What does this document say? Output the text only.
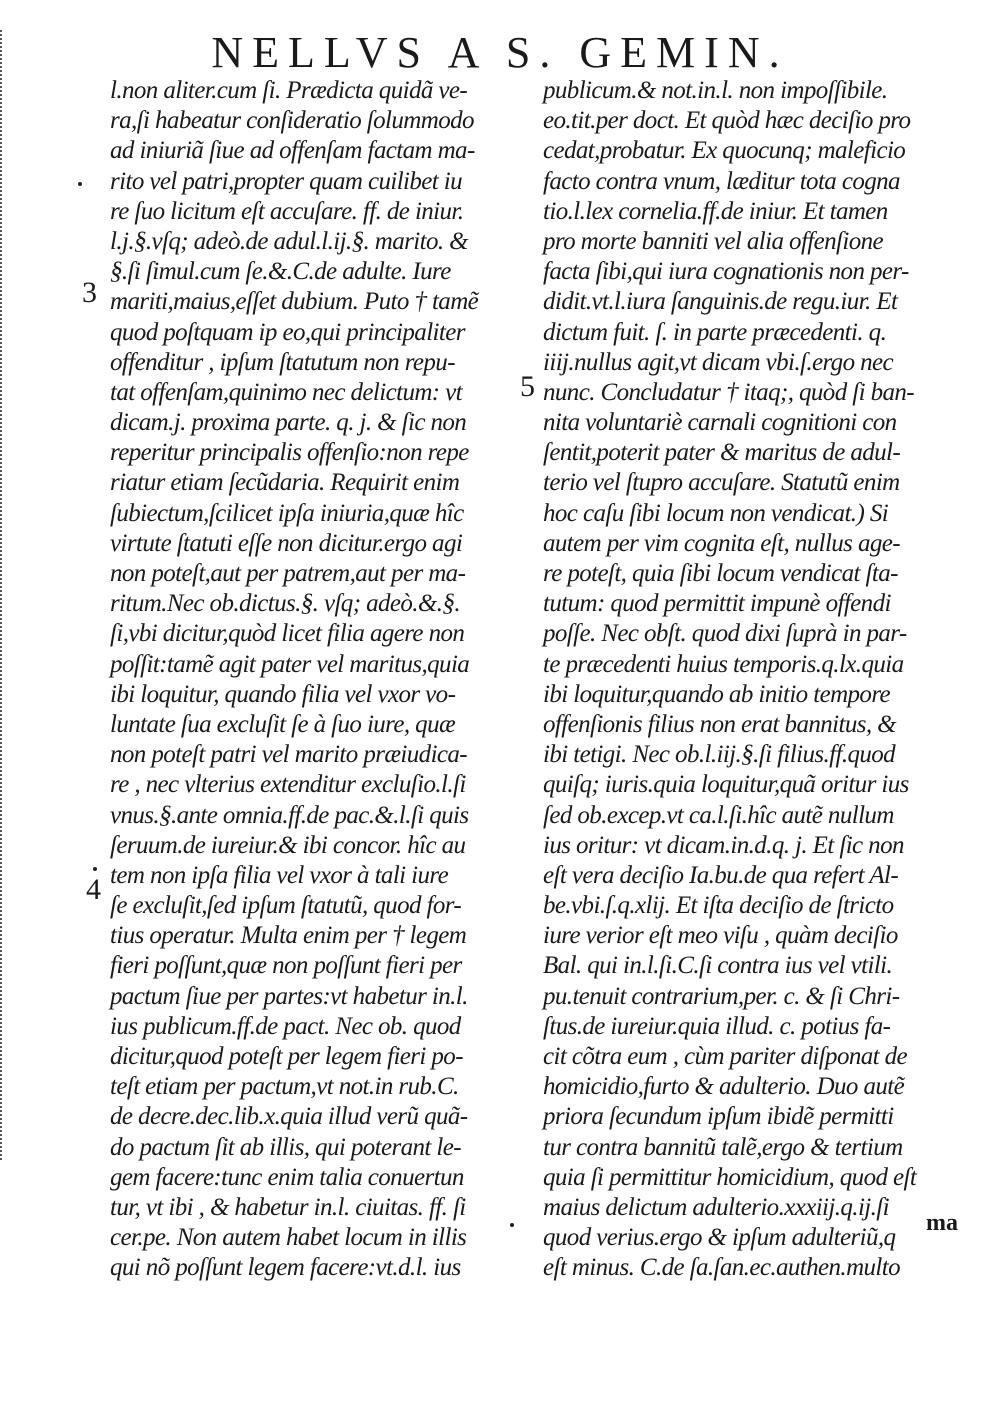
NELLVS A S. GEMIN.
l.non aliter.cum ſi. Prædicta quidã ve-
ra,ſi habeatur conſideratio ſolummodo
ad iniuriã ſiue ad offenſam factam ma-
rito vel patri,propter quam cuilibet iu
re ſuo licitum eſt accuſare. ff. de iniur.
l.j.§.vſq; adeò.de adul.l.ij.§. marito. &
§.ſi ſimul.cum ſe.&.C.de adulte. Iure
mariti,maius,eſſet dubium. Puto † tamẽ
quod poſtquam ip eo,qui principaliter
offenditur , ipſum ſtatutum non repu-
tat offenſam,quinimo nec delictum: vt
dicam.j. proxima parte. q. j. & ſic non
reperitur principalis offenſio:non repe
riatur etiam ſecũdaria. Requirit enim
ſubiectum,ſcilicet ipſa iniuria,quæ hîc
virtute ſtatuti eſſe non dicitur.ergo agi
non poteſt,aut per patrem,aut per ma-
ritum.Nec ob.dictus.§. vſq; adeò.&.§.
ſi,vbi dicitur,quòd licet filia agere non
poſſit:tamẽ agit pater vel maritus,quia
ibi loquitur, quando filia vel vxor vo-
luntate ſua excluſit ſe à ſuo iure, quæ
non poteſt patri vel marito præiudica-
re , nec vlterius extenditur excluſio.l.ſi
vnus.§.ante omnia.ff.de pac.&.l.ſi quis
ſeruum.de iureiur.& ibi concor. hîc au
tem non ipſa filia vel vxor à tali iure
ſe excluſit,ſed ipſum ſtatutũ, quod for-
tius operatur. Multa enim per † legem
fieri poſſunt,quæ non poſſunt fieri per
pactum ſiue per partes:vt habetur in.l.
ius publicum.ff.de pact. Nec ob. quod
dicitur,quod poteſt per legem fieri po-
teſt etiam per pactum,vt not.in rub.C.
de decre.dec.lib.x.quia illud verũ quã-
do pactum ſit ab illis, qui poterant le-
gem facere:tunc enim talia conuertun
tur, vt ibi , & habetur in.l. ciuitas. ff. ſi
cer.pe. Non autem habet locum in illis
qui nõ poſſunt legem facere:vt.d.l. ius
publicum.& not.in.l. non impoſſibile.
eo.tit.per doct. Et quòd hæc deciſio pro
cedat,probatur. Ex quocunq; maleficio
facto contra vnum, læditur tota cogna
tio.l.lex cornelia.ff.de iniur. Et tamen
pro morte banniti vel alia offenſione
facta ſibi,qui iura cognationis non per-
didit.vt.l.iura ſanguinis.de regu.iur. Et
dictum fuit. ſ. in parte præcedenti. q.
iiij.nullus agit,vt dicam vbi.ſ.ergo nec
nunc. Concludatur † itaq;, quòd ſi ban-
nita voluntariè carnali cognitioni con
ſentit,poterit pater & maritus de adul-
terio vel ſtupro accuſare. Statutũ enim
hoc caſu ſibi locum non vendicat.) Si
autem per vim cognita eſt, nullus age-
re poteſt, quia ſibi locum vendicat ſta-
tutum: quod permittit impunè offendi
poſſe. Nec obſt. quod dixi ſuprà in par-
te præcedenti huius temporis.q.lx.quia
ibi loquitur,quando ab initio tempore
offenſionis filius non erat bannitus, &
ibi tetigi. Nec ob.l.iij.§.ſi filius.ff.quod
quiſq; iuris.quia loquitur,quã oritur ius
ſed ob.excep.vt ca.l.ſi.hîc autẽ nullum
ius oritur: vt dicam.in.d.q. j. Et ſic non
eſt vera deciſio Ia.bu.de qua refert Al-
be.vbi.ſ.q.xlij. Et iſta deciſio de ſtricto
iure verior eſt meo viſu , quàm deciſio
Bal. qui in.l.ſi.C.ſi contra ius vel vtili.
pu.tenuit contrarium,per. c. & ſi Chri-
ſtus.de iureiur.quia illud. c. potius fa-
cit cõtra eum , cùm pariter diſponat de
homicidio,furto & adulterio. Duo autẽ
priora ſecundum ipſum ibidẽ permitti
tur contra bannitũ talẽ,ergo & tertium
quia ſi permittitur homicidium, quod eſt
maius delictum adulterio.xxxiij.q.ij.ſi
quod verius.ergo & ipſum adulteriũ,q
eſt minus. C.de ſa.ſan.ec.authen.multo
3
4
5
ma
